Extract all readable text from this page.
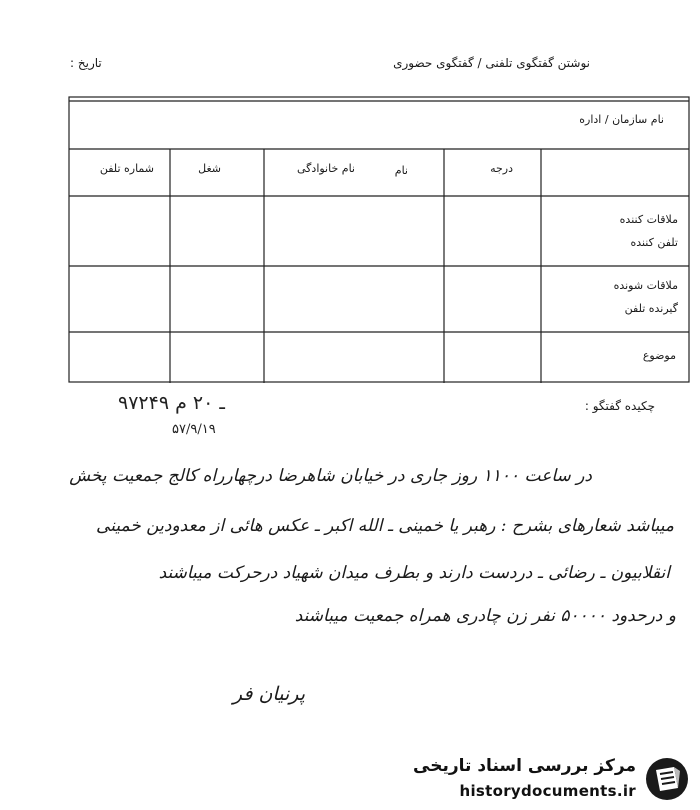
نوشتن گفتگوی تلفنی / گفتگوی حضوری
تاریخ :
نام سازمان / اداره
درجه
نام
نام خانوادگی
شغل
شماره تلفن
ملاقات کننده
تلفن کننده
ملاقات شونده
گیرنده تلفن
موضوع
۹۷۲۴۹ ـ ۲۰ م
۵۷/۹/۱۹
چکیده گفتگو :
در ساعت ۱۱۰۰ روز جاری در خیابان شاهرضا درچهارراه کالج جمعیت پخش
میباشد شعارهای بشرح : رهبر یا خمینی ـ الله اکبر ـ عکس هائی از معدودین خمینی
انقلابیون ـ رضائی ـ دردست دارند و بطرف میدان شهیاد درحرکت میباشند
و درحدود ۵۰۰۰۰ نفر زن چادری همراه جمعیت میباشند
پرنیان فر
مرکز بررسی اسناد تاریخی
historydocuments.ir
